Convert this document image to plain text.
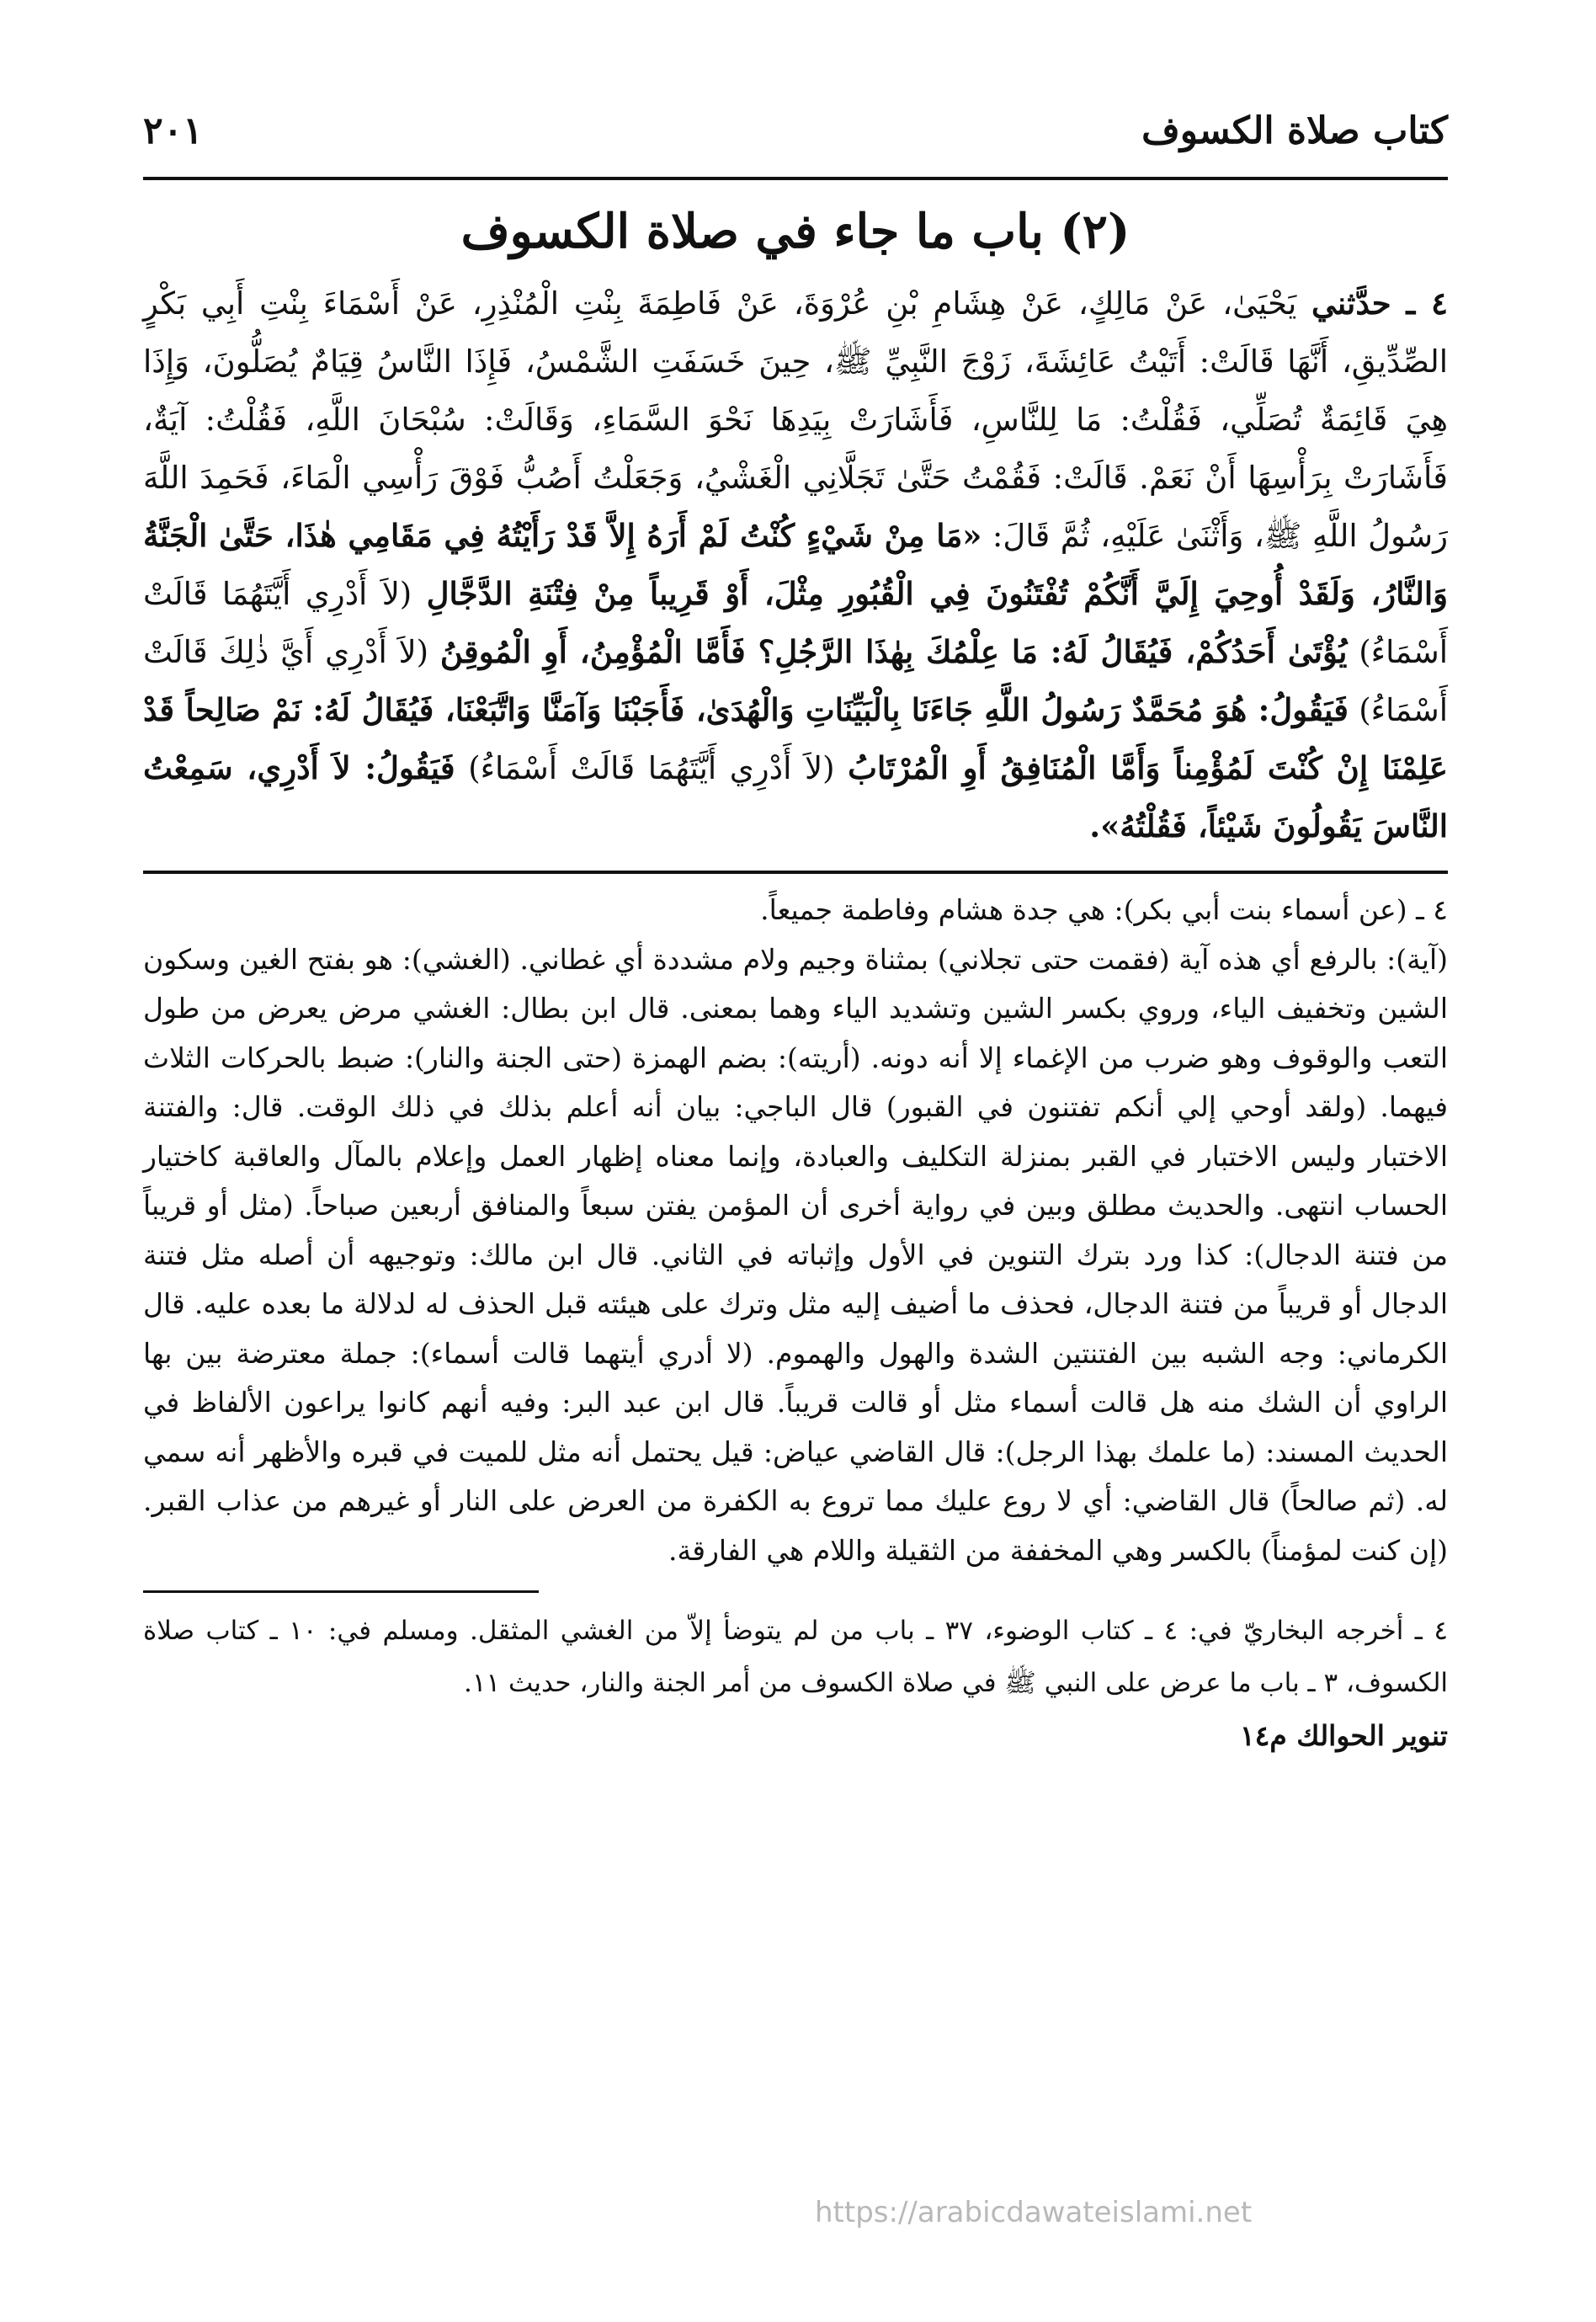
كتاب صلاة الكسوف
٢٠١
(٢) باب ما جاء في صلاة الكسوف
٤ ـ حدَّثني يَحْيَىٰ، عَنْ مَالِكٍ، عَنْ هِشَامِ بْنِ عُرْوَةَ، عَنْ فَاطِمَةَ بِنْتِ الْمُنْذِرِ، عَنْ أَسْمَاءَ بِنْتِ أَبِي بَكْرٍ الصِّدِّيقِ، أَنَّهَا قَالَتْ: أَتَيْتُ عَائِشَةَ، زَوْجَ النَّبِيِّ ﷺ، حِينَ خَسَفَتِ الشَّمْسُ، فَإِذَا النَّاسُ قِيَامٌ يُصَلُّونَ، وَإِذَا هِيَ قَائِمَةٌ تُصَلِّي، فَقُلْتُ: مَا لِلنَّاسِ، فَأَشَارَتْ بِيَدِهَا نَحْوَ السَّمَاءِ، وَقَالَتْ: سُبْحَانَ اللَّهِ، فَقُلْتُ: آيَةٌ، فَأَشَارَتْ بِرَأْسِهَا أَنْ نَعَمْ. قَالَتْ: فَقُمْتُ حَتَّىٰ تَجَلَّانِي الْغَشْيُ، وَجَعَلْتُ أَصُبُّ فَوْقَ رَأْسِي الْمَاءَ، فَحَمِدَ اللَّهَ رَسُولُ اللَّهِ ﷺ، وَأَثْنَىٰ عَلَيْهِ، ثُمَّ قَالَ: «مَا مِنْ شَيْءٍ كُنْتُ لَمْ أَرَهُ إِلاَّ قَدْ رَأَيْتُهُ فِي مَقَامِي هٰذَا، حَتَّىٰ الْجَنَّةُ وَالنَّارُ، وَلَقَدْ أُوحِيَ إِلَيَّ أَنَّكُمْ تُفْتَنُونَ فِي الْقُبُورِ مِثْلَ، أَوْ قَرِيباً مِنْ فِتْنَةِ الدَّجَّالِ (لاَ أَدْرِي أَيَّتَهُمَا قَالَتْ أَسْمَاءُ) يُؤْتَىٰ أَحَدُكُمْ، فَيُقَالُ لَهُ: مَا عِلْمُكَ بِهٰذَا الرَّجُلِ؟ فَأَمَّا الْمُؤْمِنُ، أَوِ الْمُوقِنُ (لاَ أَدْرِي أَيَّ ذٰلِكَ قَالَتْ أَسْمَاءُ) فَيَقُولُ: هُوَ مُحَمَّدٌ رَسُولُ اللَّهِ جَاءَنَا بِالْبَيِّنَاتِ وَالْهُدَىٰ، فَأَجَبْنَا وَآمَنَّا وَاتَّبَعْنَا، فَيُقَالُ لَهُ: نَمْ صَالِحاً قَدْ عَلِمْنَا إِنْ كُنْتَ لَمُؤْمِناً وَأَمَّا الْمُنَافِقُ أَوِ الْمُرْتَابُ (لاَ أَدْرِي أَيَّتَهُمَا قَالَتْ أَسْمَاءُ) فَيَقُولُ: لاَ أَدْرِي، سَمِعْتُ النَّاسَ يَقُولُونَ شَيْئاً، فَقُلْتُهُ».

٤ ـ (عن أسماء بنت أبي بكر): هي جدة هشام وفاطمة جميعاً.

(آية): بالرفع أي هذه آية (فقمت حتى تجلاني) بمثناة وجيم ولام مشددة أي غطاني. (الغشي): هو بفتح الغين وسكون الشين وتخفيف الياء، وروي بكسر الشين وتشديد الياء وهما بمعنى. قال ابن بطال: الغشي مرض يعرض من طول التعب والوقوف وهو ضرب من الإغماء إلا أنه دونه. (أريته): بضم الهمزة (حتى الجنة والنار): ضبط بالحركات الثلاث فيهما. (ولقد أوحي إلي أنكم تفتنون في القبور) قال الباجي: بيان أنه أعلم بذلك في ذلك الوقت. قال: والفتنة الاختبار وليس الاختبار في القبر بمنزلة التكليف والعبادة، وإنما معناه إظهار العمل وإعلام بالمآل والعاقبة كاختيار الحساب انتهى. والحديث مطلق وبين في رواية أخرى أن المؤمن يفتن سبعاً والمنافق أربعين صباحاً. (مثل أو قريباً من فتنة الدجال): كذا ورد بترك التنوين في الأول وإثباته في الثاني. قال ابن مالك: وتوجيهه أن أصله مثل فتنة الدجال أو قريباً من فتنة الدجال، فحذف ما أضيف إليه مثل وترك على هيئته قبل الحذف له لدلالة ما بعده عليه. قال الكرماني: وجه الشبه بين الفتنتين الشدة والهول والهموم. (لا أدري أيتهما قالت أسماء): جملة معترضة بين بها الراوي أن الشك منه هل قالت أسماء مثل أو قالت قريباً. قال ابن عبد البر: وفيه أنهم كانوا يراعون الألفاظ في الحديث المسند: (ما علمك بهذا الرجل): قال القاضي عياض: قيل يحتمل أنه مثل للميت في قبره والأظهر أنه سمي له. (ثم صالحاً) قال القاضي: أي لا روع عليك مما تروع به الكفرة من العرض على النار أو غيرهم من عذاب القبر. (إن كنت لمؤمناً) بالكسر وهي المخففة من الثقيلة واللام هي الفارقة.

٤ ـ أخرجه البخاريّ في: ٤ ـ كتاب الوضوء، ٣٧ ـ باب من لم يتوضأ إلاّ من الغشي المثقل. ومسلم في: ١٠ ـ كتاب صلاة الكسوف، ٣ ـ باب ما عرض على النبي ﷺ في صلاة الكسوف من أمر الجنة والنار، حديث ١١.
تنوير الحوالك م١٤
https://arabicdawateislami.net
